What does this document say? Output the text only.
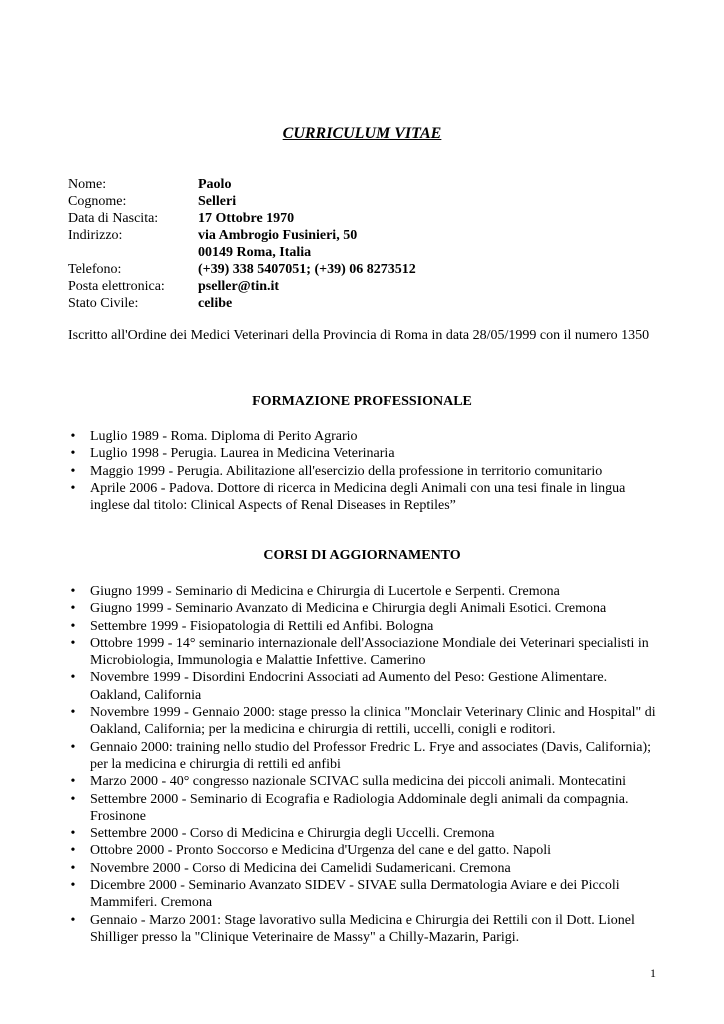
CURRICULUM VITAE
Nome:	Paolo
Cognome:	Selleri
Data di Nascita:	17 Ottobre 1970
Indirizzo:	via Ambrogio Fusinieri, 50
00149 Roma, Italia
Telefono:	(+39) 338 5407051; (+39) 06 8273512
Posta elettronica:	pseller@tin.it
Stato Civile:	celibe
Iscritto all'Ordine dei Medici Veterinari della Provincia di Roma in data 28/05/1999 con il numero 1350
FORMAZIONE PROFESSIONALE
• Luglio 1989 - Roma. Diploma di Perito Agrario
• Luglio 1998 - Perugia. Laurea in Medicina Veterinaria
• Maggio 1999 - Perugia. Abilitazione all'esercizio della professione in territorio comunitario
• Aprile 2006 - Padova. Dottore di ricerca in Medicina degli Animali con una tesi finale in lingua inglese dal titolo: Clinical Aspects of Renal Diseases in Reptiles”
CORSI DI AGGIORNAMENTO
• Giugno 1999 - Seminario di Medicina e Chirurgia di Lucertole e Serpenti. Cremona
• Giugno 1999 - Seminario Avanzato di Medicina e Chirurgia degli Animali Esotici. Cremona
• Settembre 1999 - Fisiopatologia di Rettili ed Anfibi. Bologna
• Ottobre 1999 - 14° seminario internazionale dell'Associazione Mondiale dei Veterinari specialisti in Microbiologia, Immunologia e Malattie Infettive. Camerino
• Novembre 1999 - Disordini Endocrini Associati ad Aumento del Peso: Gestione Alimentare. Oakland, California
• Novembre 1999 - Gennaio 2000: stage presso la clinica "Monclair Veterinary Clinic and Hospital" di Oakland, California; per la medicina e chirurgia di rettili, uccelli, conigli e roditori.
• Gennaio 2000: training nello studio del Professor Fredric L. Frye and associates (Davis, California); per la medicina e chirurgia di rettili ed anfibi
• Marzo 2000 - 40° congresso nazionale SCIVAC sulla medicina dei piccoli animali. Montecatini
• Settembre 2000 - Seminario di Ecografia e Radiologia Addominale degli animali da compagnia. Frosinone
• Settembre 2000 - Corso di Medicina e Chirurgia degli Uccelli. Cremona
• Ottobre 2000 - Pronto Soccorso e Medicina d'Urgenza del cane e del gatto. Napoli
• Novembre 2000 - Corso di Medicina dei Camelidi Sudamericani. Cremona
• Dicembre 2000 - Seminario Avanzato SIDEV - SIVAE sulla Dermatologia Aviare e dei Piccoli Mammiferi. Cremona
• Gennaio - Marzo 2001: Stage lavorativo sulla Medicina e Chirurgia dei Rettili con il Dott. Lionel Shilliger presso la "Clinique Veterinaire de Massy" a Chilly-Mazarin, Parigi.
1
